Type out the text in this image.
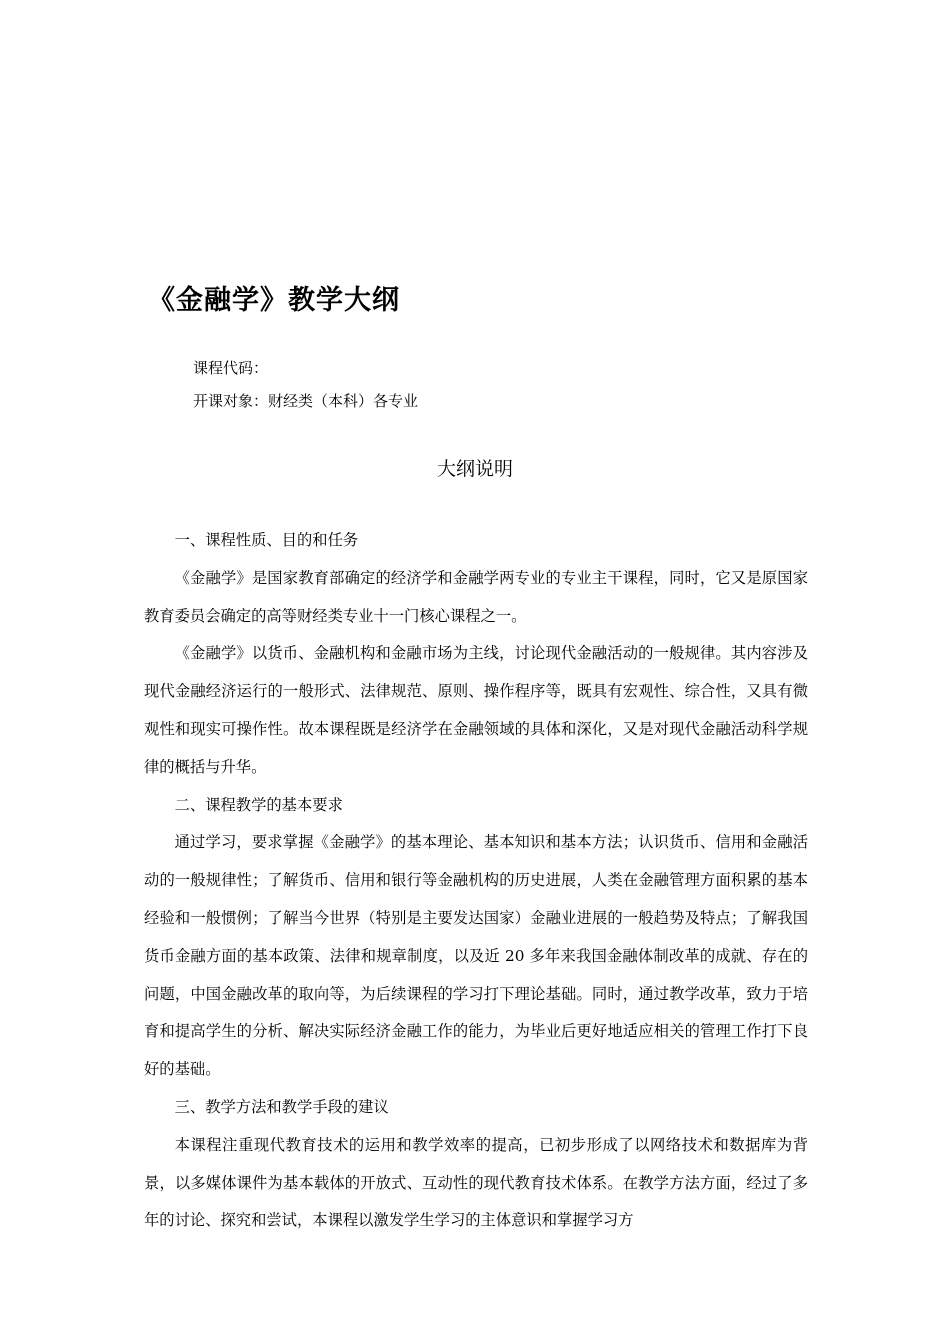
《金融学》教学大纲
课程代码：
开课对象：财经类（本科）各专业
大纲说明

一、课程性质、目的和任务

《金融学》是国家教育部确定的经济学和金融学两专业的专业主干课程，同时，它又是原国家教育委员会确定的高等财经类专业十一门核心课程之一。

《金融学》以货币、金融机构和金融市场为主线，讨论现代金融活动的一般规律。其内容涉及现代金融经济运行的一般形式、法律规范、原则、操作程序等，既具有宏观性、综合性，又具有微观性和现实可操作性。故本课程既是经济学在金融领域的具体和深化，又是对现代金融活动科学规律的概括与升华。

二、课程教学的基本要求

通过学习，要求掌握《金融学》的基本理论、基本知识和基本方法；认识货币、信用和金融活动的一般规律性；了解货币、信用和银行等金融机构的历史进展，人类在金融管理方面积累的基本经验和一般惯例；了解当今世界（特别是主要发达国家）金融业进展的一般趋势及特点；了解我国货币金融方面的基本政策、法律和规章制度，以及近 20 多年来我国金融体制改革的成就、存在的问题，中国金融改革的取向等，为后续课程的学习打下理论基础。同时，通过教学改革，致力于培育和提高学生的分析、解决实际经济金融工作的能力，为毕业后更好地适应相关的管理工作打下良好的基础。

三、教学方法和教学手段的建议

本课程注重现代教育技术的运用和教学效率的提高，已初步形成了以网络技术和数据库为背景，以多媒体课件为基本载体的开放式、互动性的现代教育技术体系。在教学方法方面，经过了多年的讨论、探究和尝试，本课程以激发学生学习的主体意识和掌握学习方
